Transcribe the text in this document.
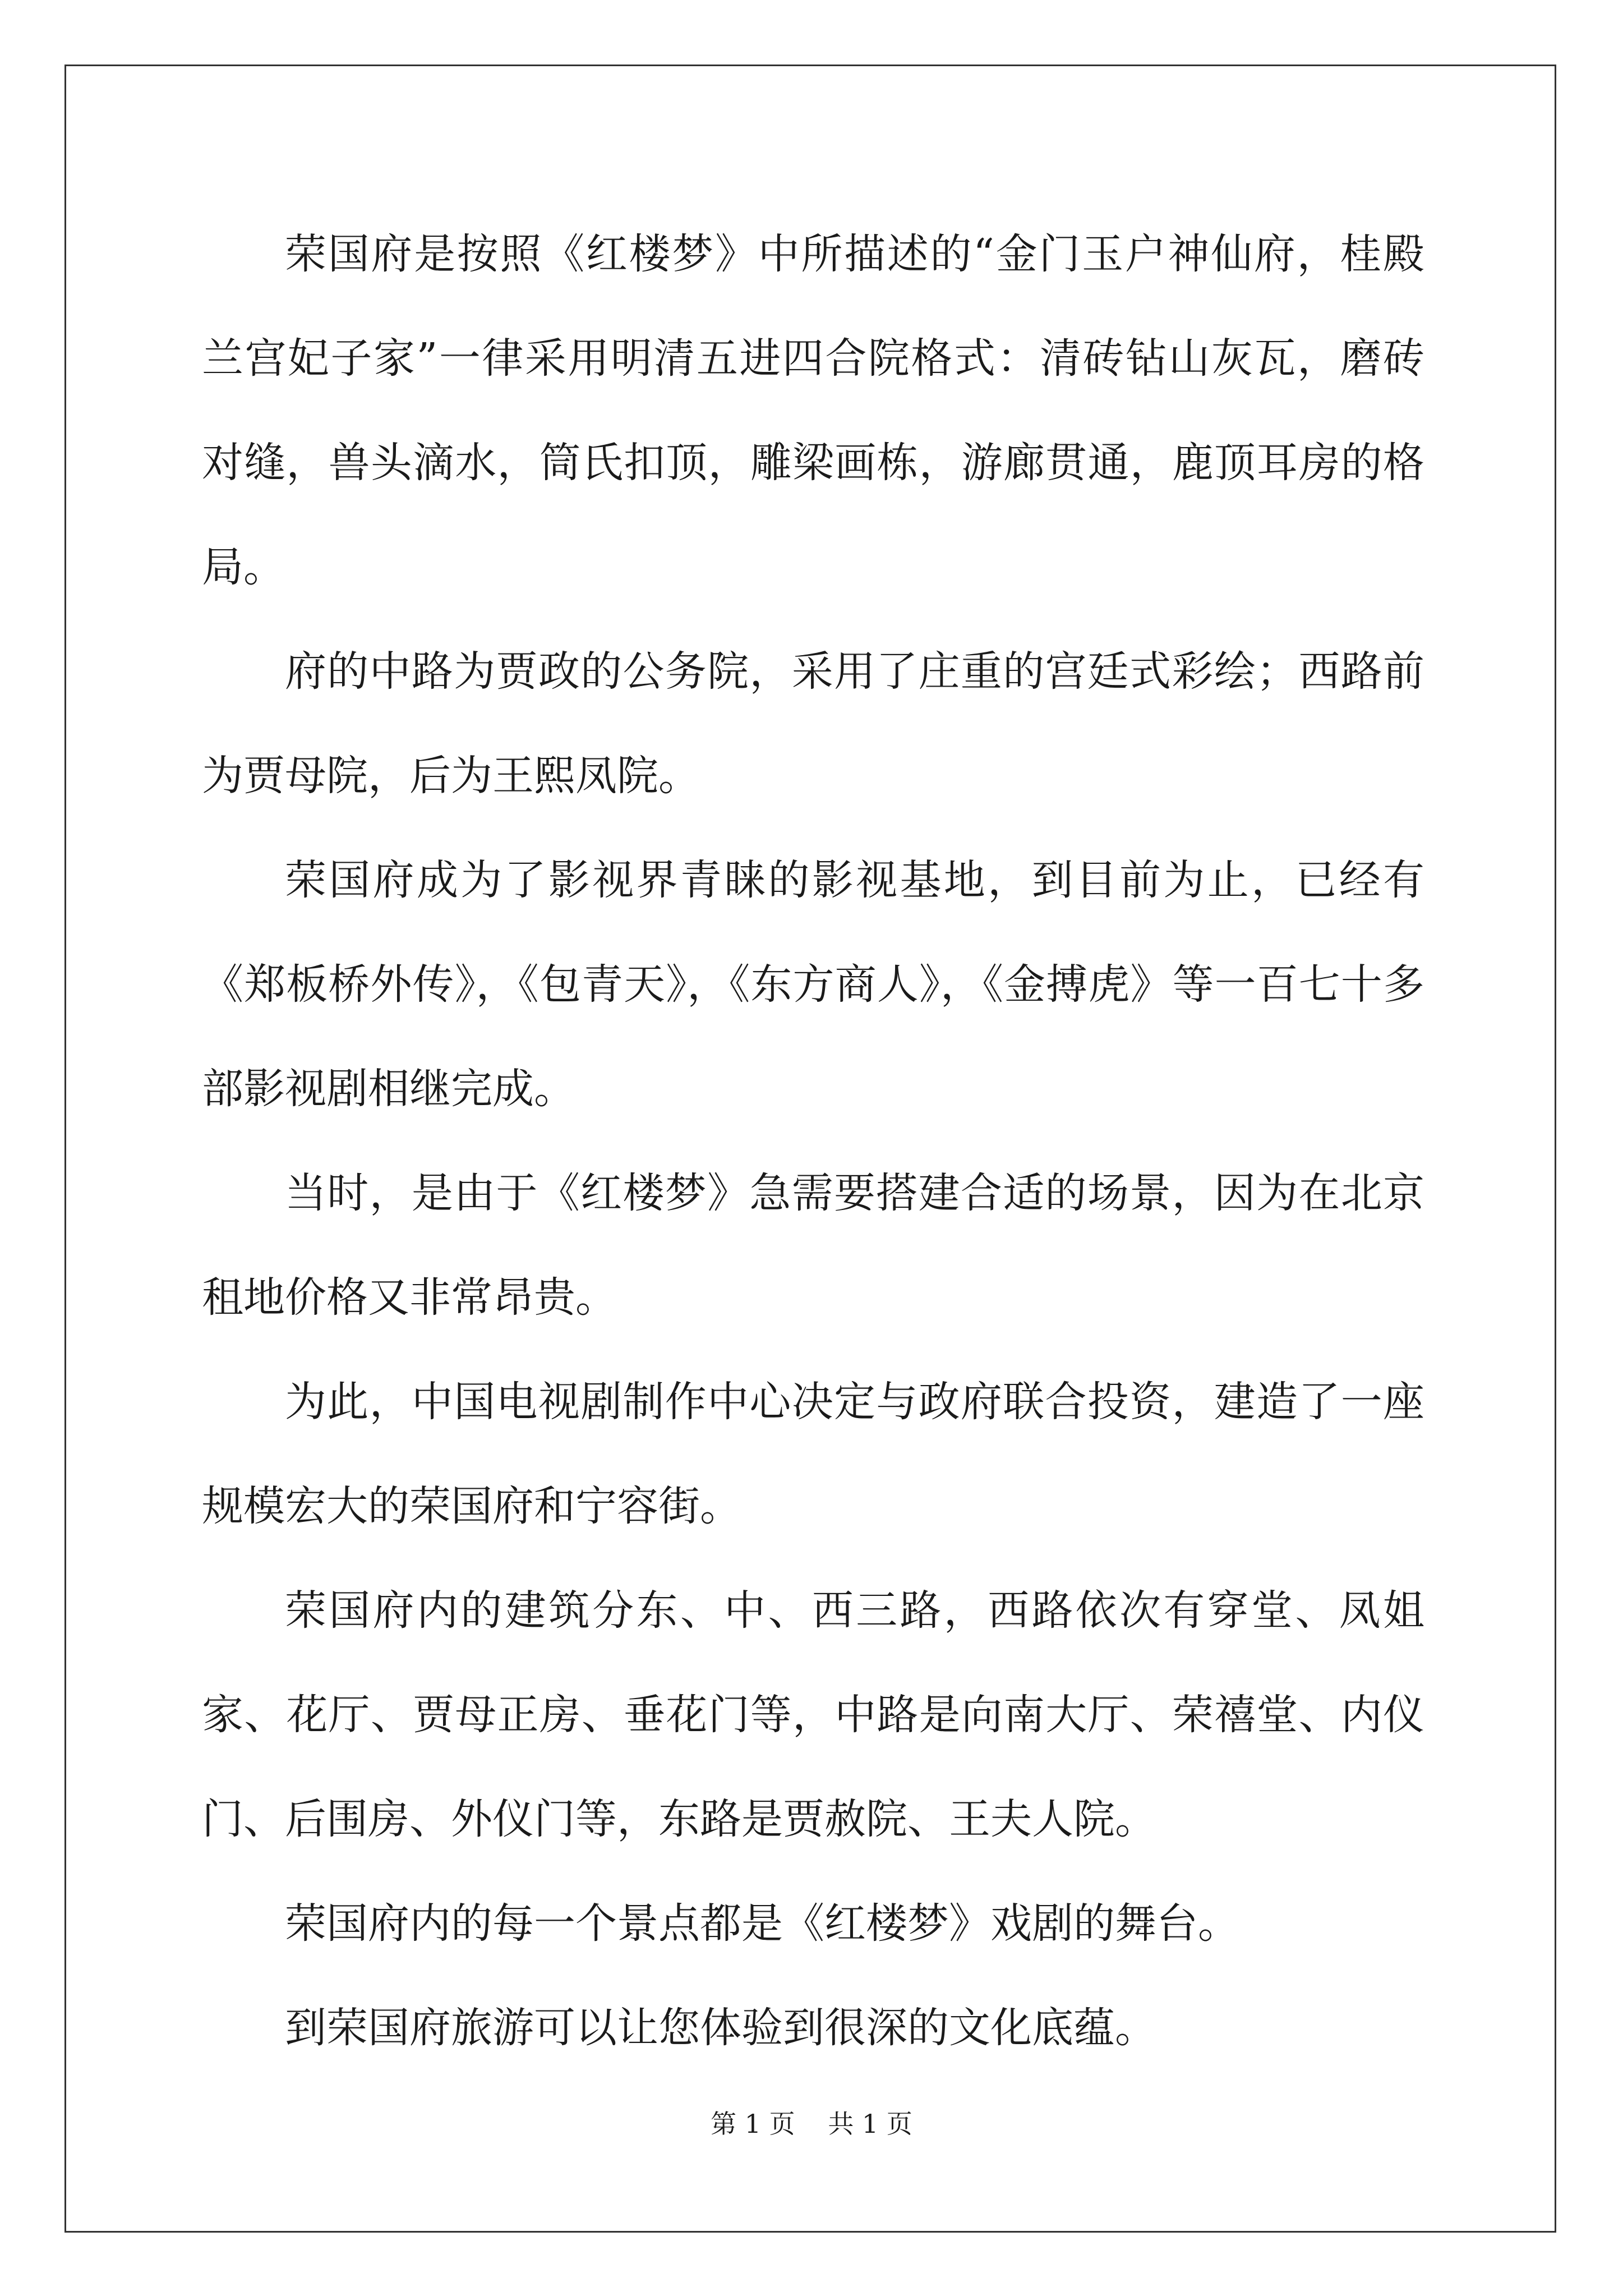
荣国府是按照《红楼梦》中所描述的“金门玉户神仙府，桂殿兰宫妃子家”一律采用明清五进四合院格式：清砖钻山灰瓦，磨砖对缝，兽头滴水，筒氏扣顶，雕梁画栋，游廊贯通，鹿顶耳房的格局。

府的中路为贾政的公务院，采用了庄重的宫廷式彩绘；西路前为贾母院，后为王熙凤院。

荣国府成为了影视界青睐的影视基地，到目前为止，已经有《郑板桥外传》，《包青天》，《东方商人》，《金搏虎》等一百七十多部影视剧相继完成。

当时，是由于《红楼梦》急需要搭建合适的场景，因为在北京租地价格又非常昂贵。

为此，中国电视剧制作中心决定与政府联合投资，建造了一座规模宏大的荣国府和宁容街。

荣国府内的建筑分东、中、西三路，西路依次有穿堂、凤姐家、花厅、贾母正房、垂花门等，中路是向南大厅、荣禧堂、内仪门、后围房、外仪门等，东路是贾赦院、王夫人院。

荣国府内的每一个景点都是《红楼梦》戏剧的舞台。

到荣国府旅游可以让您体验到很深的文化底蕴。

第 1 页 共 1 页
